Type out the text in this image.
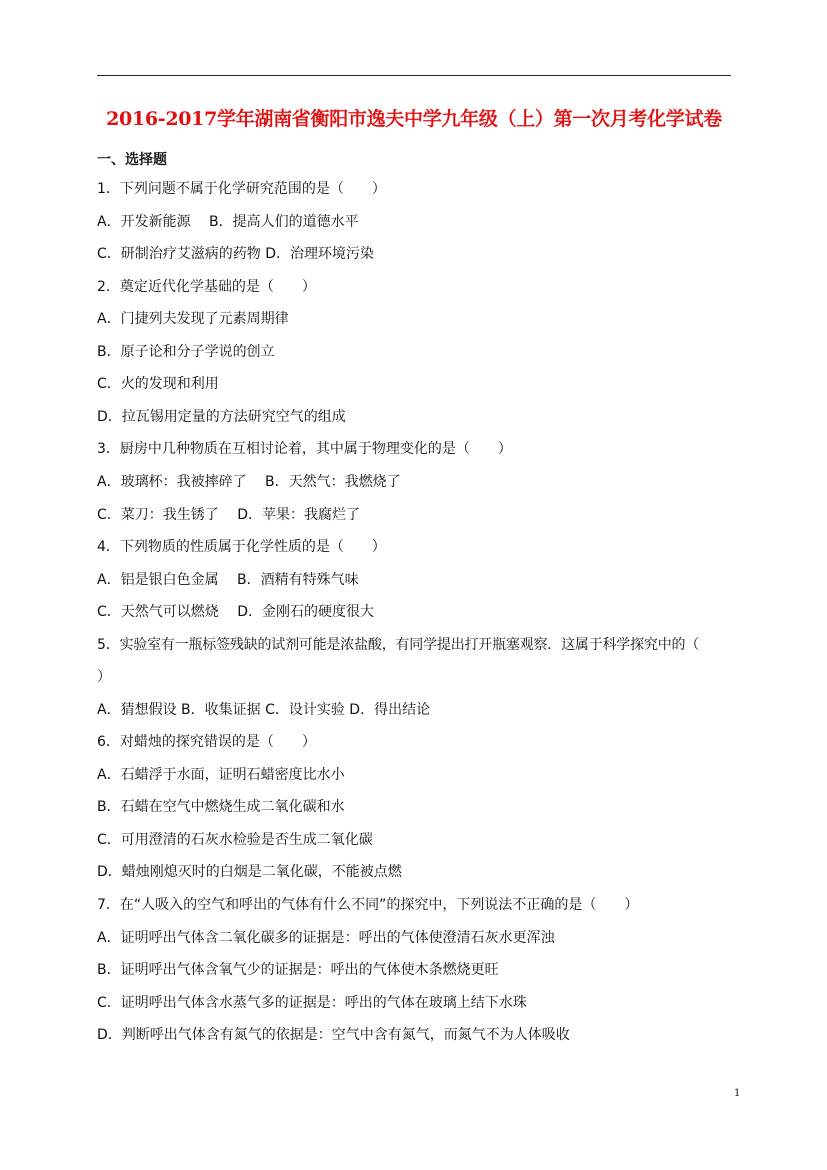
2016-2017学年湖南省衡阳市逸夫中学九年级（上）第一次月考化学试卷
一、选择题
1．下列问题不属于化学研究范围的是（　　）
A．开发新能源　 B．提高人们的道德水平
C．研制治疗艾滋病的药物 D．治理环境污染
2．奠定近代化学基础的是（　　）
A．门捷列夫发现了元素周期律
B．原子论和分子学说的创立
C．火的发现和利用
D．拉瓦锡用定量的方法研究空气的组成
3．厨房中几种物质在互相讨论着，其中属于物理变化的是（　　）
A．玻璃杯：我被摔碎了　 B．天然气：我燃烧了
C．菜刀：我生锈了　 D．苹果：我腐烂了
4．下列物质的性质属于化学性质的是（　　）
A．铝是银白色金属　 B．酒精有特殊气味
C．天然气可以燃烧　 D．金刚石的硬度很大
5．实验室有一瓶标签残缺的试剂可能是浓盐酸，有同学提出打开瓶塞观察．这属于科学探究中的（
）
A．猜想假设 B．收集证据 C．设计实验 D．得出结论
6．对蜡烛的探究错误的是（　　）
A．石蜡浮于水面，证明石蜡密度比水小
B．石蜡在空气中燃烧生成二氧化碳和水
C．可用澄清的石灰水检验是否生成二氧化碳
D．蜡烛刚熄灭时的白烟是二氧化碳，不能被点燃
7．在“人吸入的空气和呼出的气体有什么不同”的探究中，下列说法不正确的是（　　）
A．证明呼出气体含二氧化碳多的证据是：呼出的气体使澄清石灰水更浑浊
B．证明呼出气体含氧气少的证据是：呼出的气体使木条燃烧更旺
C．证明呼出气体含水蒸气多的证据是：呼出的气体在玻璃上结下水珠
D．判断呼出气体含有氮气的依据是：空气中含有氮气，而氮气不为人体吸收
1
